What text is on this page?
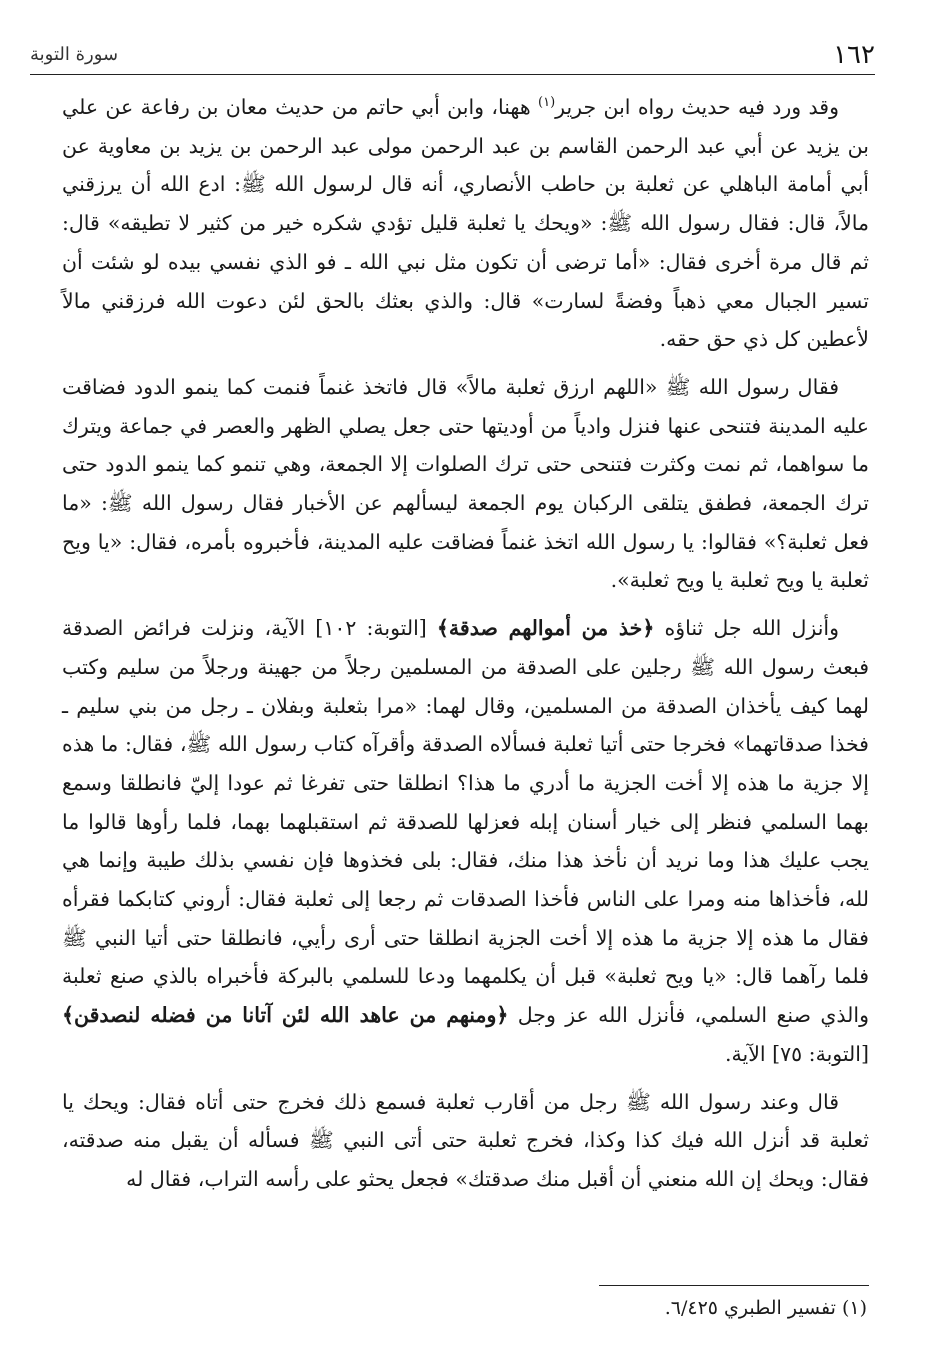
سورة التوبة	١٦٢

وقد ورد فيه حديث رواه ابن جرير$^{(١)}$ ههنا، وابن أبي حاتم من حديث معان بن رفاعة عن علي بن يزيد عن أبي عبد الرحمن القاسم بن عبد الرحمن مولى عبد الرحمن بن يزيد بن معاوية عن أبي أمامة الباهلي عن ثعلبة بن حاطب الأنصاري، أنه قال لرسول الله ﷺ: ادع الله أن يرزقني مالاً، قال: فقال رسول الله ﷺ: «ويحك يا ثعلبة قليل تؤدي شكره خير من كثير لا تطيقه» قال: ثم قال مرة أخرى فقال: «أما ترضى أن تكون مثل نبي الله ـ فو الذي نفسي بيده لو شئت أن تسير الجبال معي ذهباً وفضةً لسارت» قال: والذي بعثك بالحق لئن دعوت الله فرزقني مالاً لأعطين كل ذي حق حقه.

فقال رسول الله ﷺ «اللهم ارزق ثعلبة مالاً» قال فاتخذ غنماً فنمت كما ينمو الدود فضاقت عليه المدينة فتنحى عنها فنزل وادياً من أوديتها حتى جعل يصلي الظهر والعصر في جماعة ويترك ما سواهما، ثم نمت وكثرت فتنحى حتى ترك الصلوات إلا الجمعة، وهي تنمو كما ينمو الدود حتى ترك الجمعة، فطفق يتلقى الركبان يوم الجمعة ليسألهم عن الأخبار فقال رسول الله ﷺ: «ما فعل ثعلبة؟» فقالوا: يا رسول الله اتخذ غنماً فضاقت عليه المدينة، فأخبروه بأمره، فقال: «يا ويح ثعلبة يا ويح ثعلبة يا ويح ثعلبة».

وأنزل الله جل ثناؤه ﴿خذ من أموالهم صدقة﴾ [التوبة: ١٠٢] الآية، ونزلت فرائض الصدقة فبعث رسول الله ﷺ رجلين على الصدقة من المسلمين رجلاً من جهينة ورجلاً من سليم وكتب لهما كيف يأخذان الصدقة من المسلمين، وقال لهما: «مرا بثعلبة وبفلان ـ رجل من بني سليم ـ فخذا صدقاتهما» فخرجا حتى أتيا ثعلبة فسألاه الصدقة وأقرآه كتاب رسول الله ﷺ، فقال: ما هذه إلا جزية ما هذه إلا أخت الجزية ما أدري ما هذا؟ انطلقا حتى تفرغا ثم عودا إليّ فانطلقا وسمع بهما السلمي فنظر إلى خيار أسنان إبله فعزلها للصدقة ثم استقبلهما بهما، فلما رأوها قالوا ما يجب عليك هذا وما نريد أن نأخذ هذا منك، فقال: بلى فخذوها فإن نفسي بذلك طيبة وإنما هي لله، فأخذاها منه ومرا على الناس فأخذا الصدقات ثم رجعا إلى ثعلبة فقال: أروني كتابكما فقرأه فقال ما هذه إلا جزية ما هذه إلا أخت الجزية انطلقا حتى أرى رأيي، فانطلقا حتى أتيا النبي ﷺ فلما رآهما قال: «يا ويح ثعلبة» قبل أن يكلمهما ودعا للسلمي بالبركة فأخبراه بالذي صنع ثعلبة والذي صنع السلمي، فأنزل الله عز وجل ﴿ومنهم من عاهد الله لئن آتانا من فضله لنصدقن﴾ [التوبة: ٧٥] الآية.

قال وعند رسول الله ﷺ رجل من أقارب ثعلبة فسمع ذلك فخرج حتى أتاه فقال: ويحك يا ثعلبة قد أنزل الله فيك كذا وكذا، فخرج ثعلبة حتى أتى النبي ﷺ فسأله أن يقبل منه صدقته، فقال: ويحك إن الله منعني أن أقبل منك صدقتك» فجعل يحثو على رأسه التراب، فقال له

(١) تفسير الطبري ٦/٤٢٥.
